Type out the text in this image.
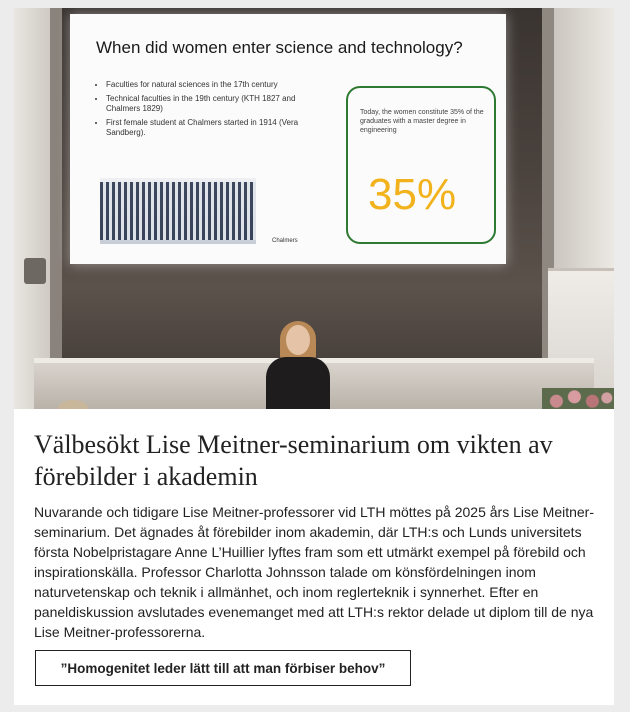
When did women enter science and technology?
• Faculties for natural sciences in the 17th century
• Technical faculties in the 19th century (KTH 1827 and Chalmers 1829)
• First female student at Chalmers started in 1914 (Vera Sandberg).
Chalmers
Today, the women constitute 35% of the graduates with a master degree in engineering
35%
Välbesökt Lise Meitner-seminarium om vikten av förebilder i akademin

Nuvarande och tidigare Lise Meitner-professorer vid LTH möttes på 2025 års Lise Meitner-seminarium. Det ägnades åt förebilder inom akademin, där LTH:s och Lunds universitets första Nobelpristagare Anne L’Huillier lyftes fram som ett utmärkt exempel på förebild och inspirationskälla. Professor Charlotta Johnsson talade om könsfördelningen inom naturvetenskap och teknik i allmänhet, och inom reglerteknik i synnerhet. Efter en paneldiskussion avslutades evenemanget med att LTH:s rektor delade ut diplom till de nya Lise Meitner-professorerna.

”Homogenitet leder lätt till att man förbiser behov”
